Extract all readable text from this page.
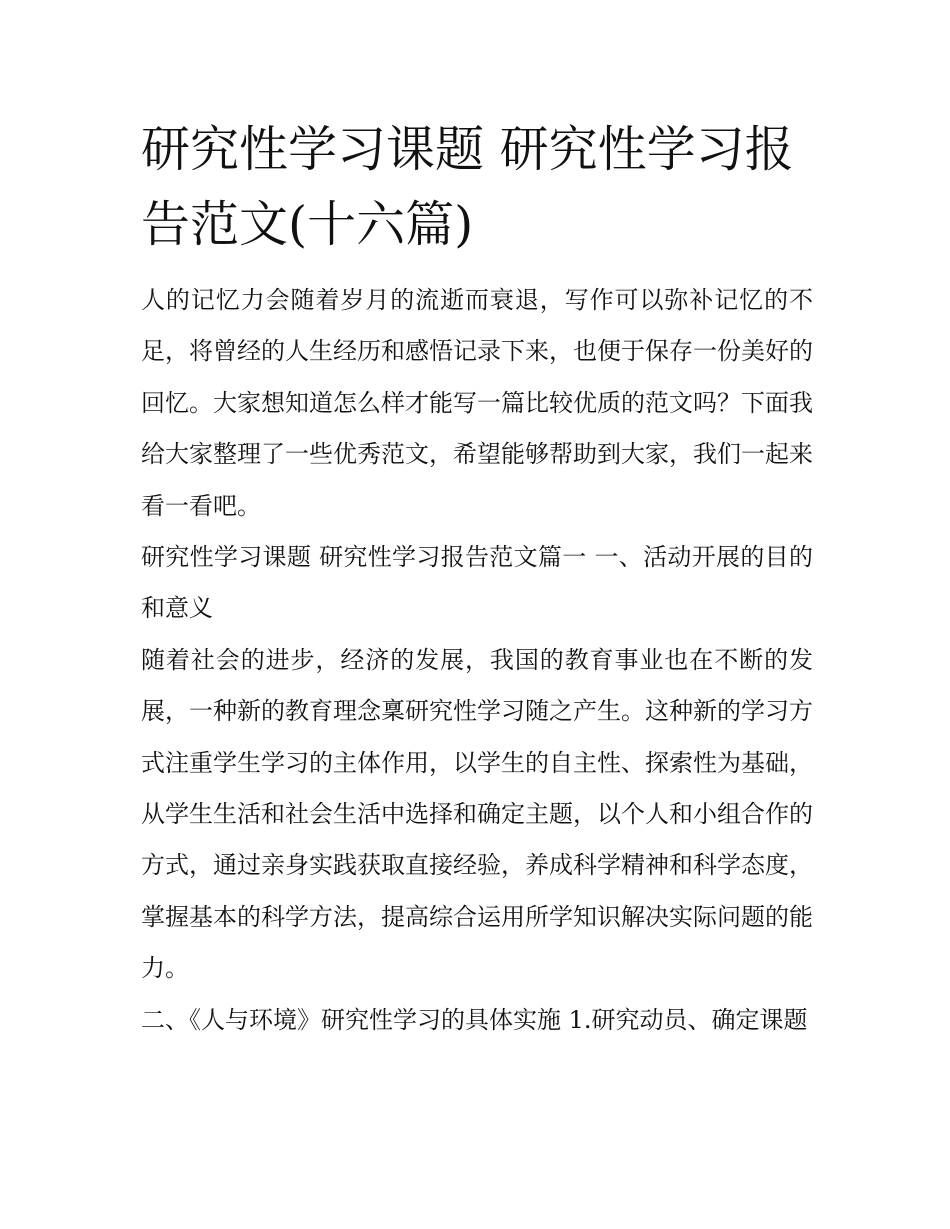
研究性学习课题 研究性学习报告范文(十六篇)

人的记忆力会随着岁月的流逝而衰退，写作可以弥补记忆的不足，将曾经的人生经历和感悟记录下来，也便于保存一份美好的回忆。大家想知道怎么样才能写一篇比较优质的范文吗？下面我给大家整理了一些优秀范文，希望能够帮助到大家，我们一起来看一看吧。

研究性学习课题 研究性学习报告范文篇一 一、活动开展的目的和意义

随着社会的进步，经济的发展，我国的教育事业也在不断的发展，一种新的教育理念稟研究性学习随之产生。这种新的学习方式注重学生学习的主体作用，以学生的自主性、探索性为基础，从学生生活和社会生活中选择和确定主题，以个人和小组合作的方式，通过亲身实践获取直接经验，养成科学精神和科学态度，掌握基本的科学方法，提高综合运用所学知识解决实际问题的能力。

二、《人与环境》研究性学习的具体实施 1.研究动员、确定课题
